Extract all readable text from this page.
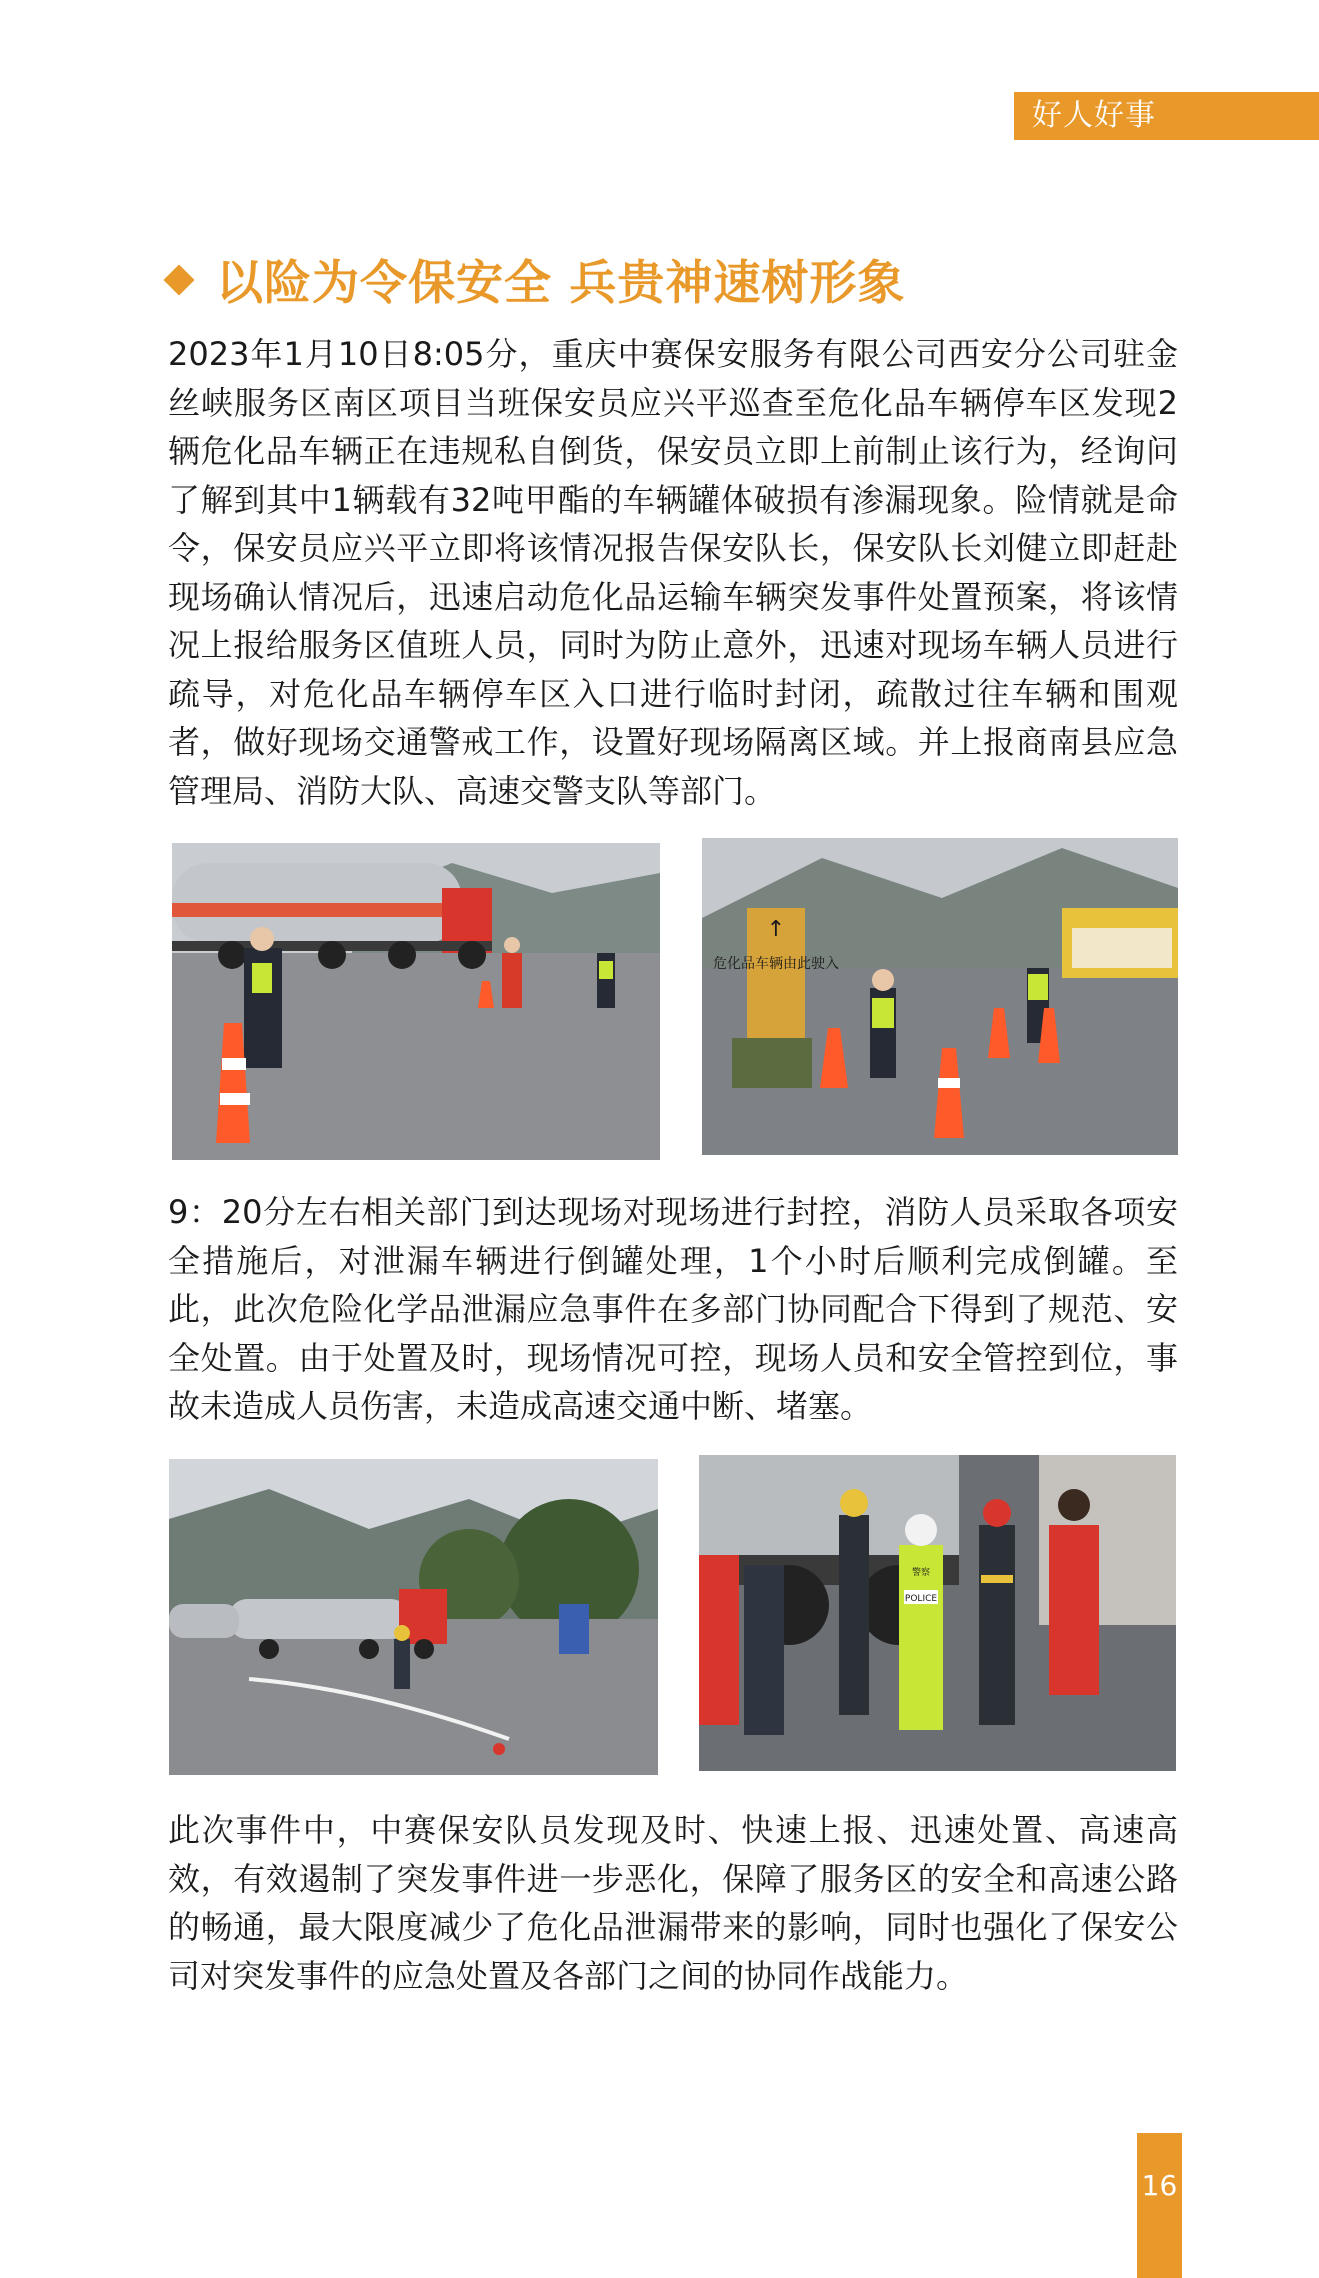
好人好事
以险为令保安全 兵贵神速树形象

2023年1月10日8:05分，重庆中赛保安服务有限公司西安分公司驻金丝峡服务区南区项目当班保安员应兴平巡查至危化品车辆停车区发现2辆危化品车辆正在违规私自倒货，保安员立即上前制止该行为，经询问了解到其中1辆载有32吨甲酯的车辆罐体破损有渗漏现象。险情就是命令，保安员应兴平立即将该情况报告保安队长，保安队长刘健立即赶赴现场确认情况后，迅速启动危化品运输车辆突发事件处置预案，将该情况上报给服务区值班人员，同时为防止意外，迅速对现场车辆人员进行疏导，对危化品车辆停车区入口进行临时封闭，疏散过往车辆和围观者，做好现场交通警戒工作，设置好现场隔离区域。并上报商南县应急管理局、消防大队、高速交警支队等部门。

↑
危化品车辆由此驶入

9：20分左右相关部门到达现场对现场进行封控，消防人员采取各项安全措施后，对泄漏车辆进行倒罐处理，1个小时后顺利完成倒罐。至此，此次危险化学品泄漏应急事件在多部门协同配合下得到了规范、安全处置。由于处置及时，现场情况可控，现场人员和安全管控到位，事故未造成人员伤害，未造成高速交通中断、堵塞。

POLICE
警察

此次事件中，中赛保安队员发现及时、快速上报、迅速处置、高速高效，有效遏制了突发事件进一步恶化，保障了服务区的安全和高速公路的畅通，最大限度减少了危化品泄漏带来的影响，同时也强化了保安公司对突发事件的应急处置及各部门之间的协同作战能力。

16
